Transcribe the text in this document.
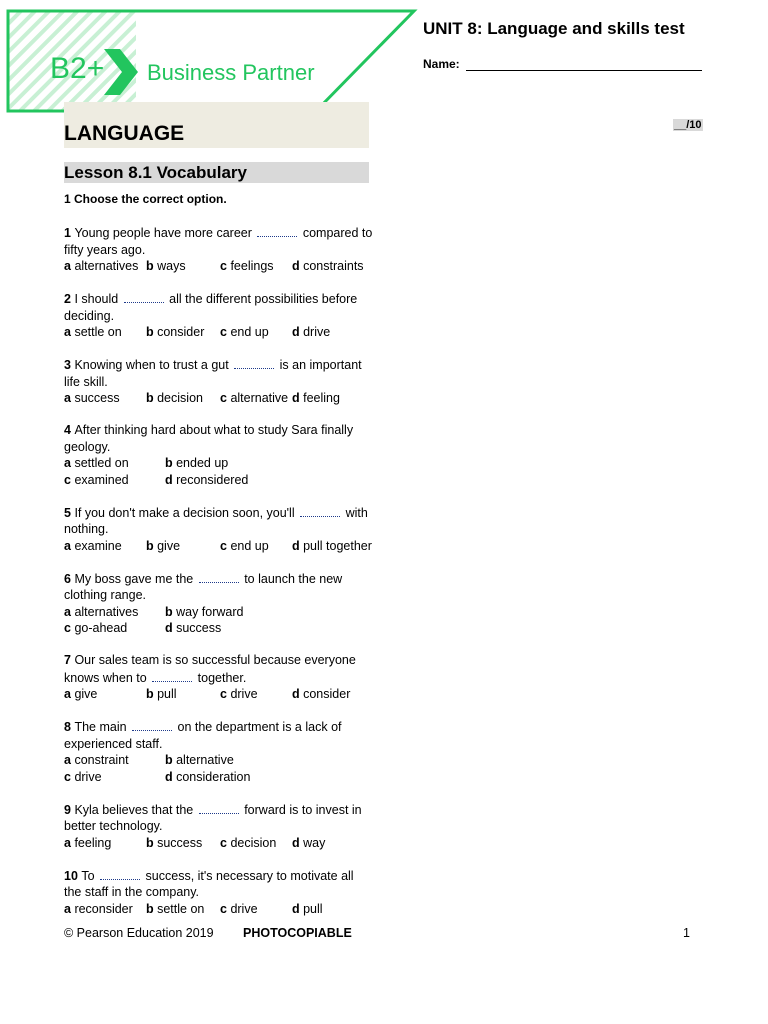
B2+ Business Partner
UNIT 8: Language and skills test
Name:
__/10
LANGUAGE
Lesson 8.1 Vocabulary
1 Choose the correct option.
1 Young people have more career	compared to fifty years ago.
a alternatives b ways	c feelings	d constraints
2 I should	all the different possibilities before deciding.
a settle on	b consider	c end up	d drive
3 Knowing when to trust a gut	is an important life skill.
a success	b decision	c alternative d feeling
4 After thinking hard about what to study Sara finally geology.
a settled on	b ended up
c examined	d reconsidered
5 If you don't make a decision soon, you'll	with nothing.
a examine	b give	c end up	d pull together
6 My boss gave me the	to launch the new clothing range.
a alternatives	b way forward
c go-ahead	d success
7 Our sales team is so successful because everyone knows when to	together.
a give	b pull	c drive	d consider
8 The main	on the department is a lack of experienced staff.
a constraint	b alternative
c drive	d consideration
9 Kyla believes that the	forward is to invest in better technology.
a feeling	b success	c decision	d way
10 To	success, it's necessary to motivate all the staff in the company.
a reconsider	b settle on	c drive	d pull
© Pearson Education 2019 PHOTOCOPIABLE	1
